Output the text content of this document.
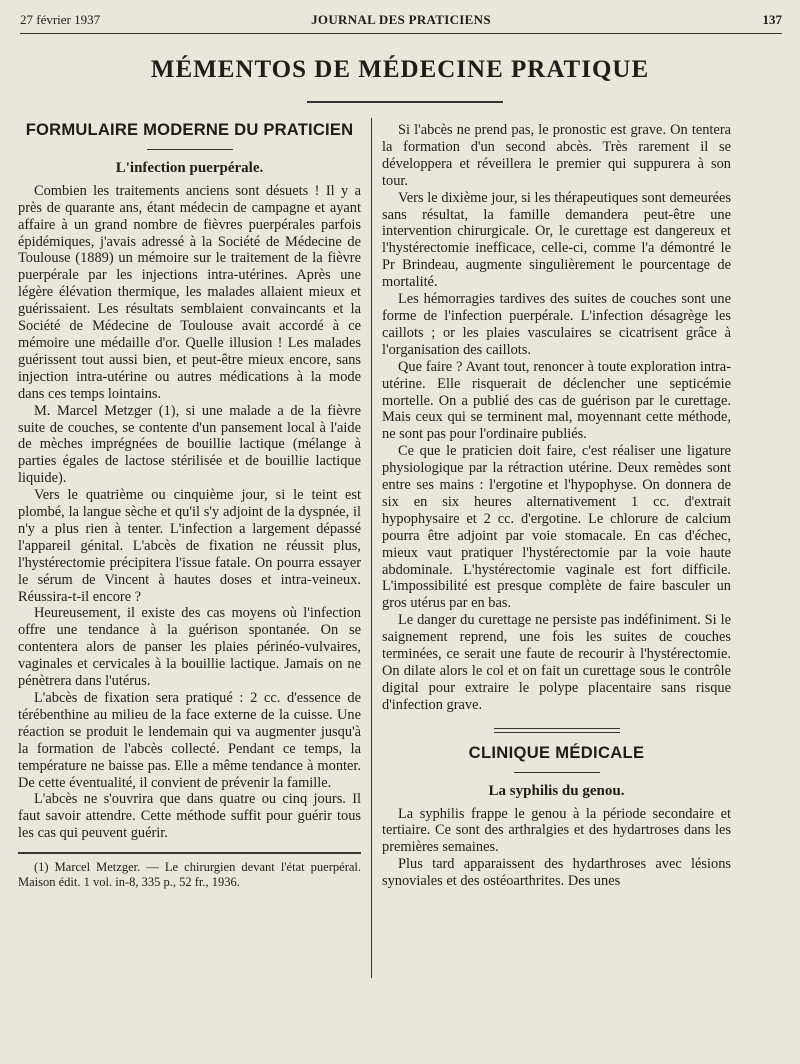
27 février 1937	JOURNAL DES PRATICIENS	137
MÉMENTOS DE MÉDECINE PRATIQUE
FORMULAIRE MODERNE DU PRATICIEN
L'infection puerpérale.

Combien les traitements anciens sont désuets ! Il y a près de quarante ans, étant médecin de campagne et ayant affaire à un grand nombre de fièvres puerpérales parfois épidémiques, j'avais adressé à la Société de Médecine de Toulouse (1889) un mémoire sur le traitement de la fièvre puerpérale par les injections intra-utérines. Après une légère élévation thermique, les malades allaient mieux et guérissaient. Les résultats semblaient convaincants et la Société de Médecine de Toulouse avait accordé à ce mémoire une médaille d'or. Quelle illusion ! Les malades guérissent tout aussi bien, et peut-être mieux encore, sans injection intra-utérine ou autres médications à la mode dans ces temps lointains.

M. Marcel Metzger (1), si une malade a de la fièvre suite de couches, se contente d'un pansement local à l'aide de mèches imprégnées de bouillie lactique (mélange à parties égales de lactose stérilisée et de bouillie lactique liquide).

Vers le quatrième ou cinquième jour, si le teint est plombé, la langue sèche et qu'il s'y adjoint de la dyspnée, il n'y a plus rien à tenter. L'infection a largement dépassé l'appareil génital. L'abcès de fixation ne réussit plus, l'hystérectomie précipitera l'issue fatale. On pourra essayer le sérum de Vincent à hautes doses et intra-veineux. Réussira-t-il encore ?

Heureusement, il existe des cas moyens où l'infection offre une tendance à la guérison spontanée. On se contentera alors de panser les plaies périnéo-vulvaires, vaginales et cervicales à la bouillie lactique. Jamais on ne pénètrera dans l'utérus.

L'abcès de fixation sera pratiqué : 2 cc. d'essence de térébenthine au milieu de la face externe de la cuisse. Une réaction se produit le lendemain qui va augmenter jusqu'à la formation de l'abcès collecté. Pendant ce temps, la température ne baisse pas. Elle a même tendance à monter. De cette éventualité, il convient de prévenir la famille.

L'abcès ne s'ouvrira que dans quatre ou cinq jours. Il faut savoir attendre. Cette méthode suffit pour guérir tous les cas qui peuvent guérir.

(1) Marcel Metzger. — Le chirurgien devant l'état puerpéral. Maison édit. 1 vol. in-8, 335 p., 52 fr., 1936.

Si l'abcès ne prend pas, le pronostic est grave. On tentera la formation d'un second abcès. Très rarement il se développera et réveillera le premier qui suppurera à son tour.

Vers le dixième jour, si les thérapeutiques sont demeurées sans résultat, la famille demandera peut-être une intervention chirurgicale. Or, le curettage est dangereux et l'hystérectomie inefficace, celle-ci, comme l'a démontré le Pr Brindeau, augmente singulièrement le pourcentage de mortalité.

Les hémorragies tardives des suites de couches sont une forme de l'infection puerpérale. L'infection désagrège les caillots ; or les plaies vasculaires se cicatrisent grâce à l'organisation des caillots.

Que faire ? Avant tout, renoncer à toute exploration intra-utérine. Elle risquerait de déclencher une septicémie mortelle. On a publié des cas de guérison par le curettage. Mais ceux qui se terminent mal, moyennant cette méthode, ne sont pas pour l'ordinaire publiés.

Ce que le praticien doit faire, c'est réaliser une ligature physiologique par la rétraction utérine. Deux remèdes sont entre ses mains : l'ergotine et l'hypophyse. On donnera de six en six heures alternativement 1 cc. d'extrait hypophysaire et 2 cc. d'ergotine. Le chlorure de calcium pourra être adjoint par voie stomacale. En cas d'échec, mieux vaut pratiquer l'hystérectomie par la voie haute abdominale. L'hystérectomie vaginale est fort difficile. L'impossibilité est presque complète de faire basculer un gros utérus par en bas.

Le danger du curettage ne persiste pas indéfiniment. Si le saignement reprend, une fois les suites de couches terminées, ce serait une faute de recourir à l'hystérectomie. On dilate alors le col et on fait un curettage sous le contrôle digital pour extraire le polype placentaire sans risque d'infection grave.

CLINIQUE MÉDICALE
La syphilis du genou.

La syphilis frappe le genou à la période secondaire et tertiaire. Ce sont des arthralgies et des hydartroses dans les premières semaines.

Plus tard apparaissent des hydarthroses avec lésions synoviales et des ostéoarthrites. Des unes
